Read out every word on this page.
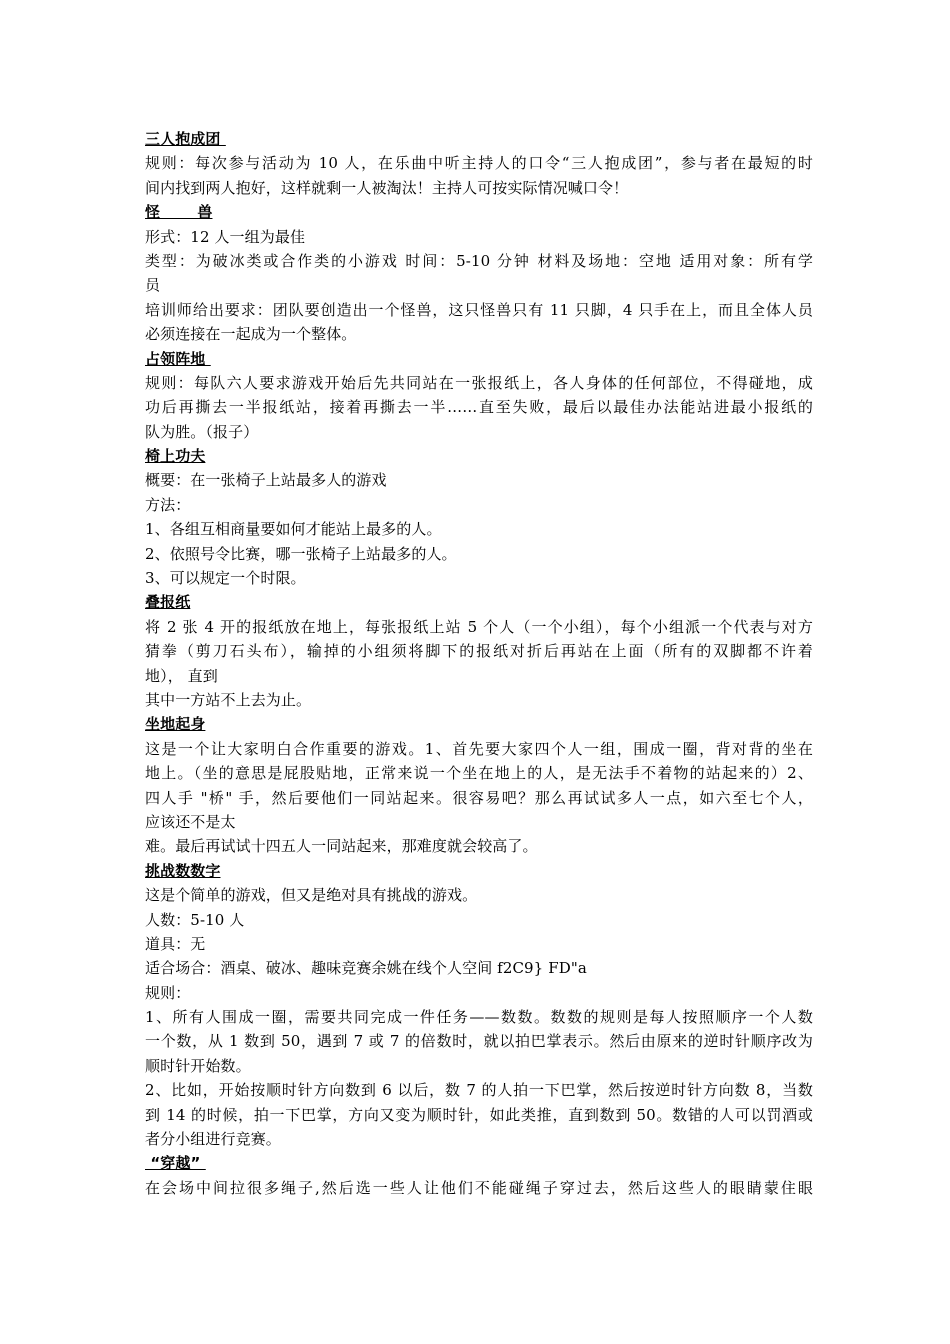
三人抱成团
规则：每次参与活动为 10 人，在乐曲中听主持人的口令“三人抱成团”，参与者在最短的时
间内找到两人抱好，这样就剩一人被淘汰！主持人可按实际情况喊口令！
怪       兽
形式：12 人一组为最佳
类型：为破冰类或合作类的小游戏 时间：5-10 分钟 材料及场地：空地 适用对象：所有学
员
培训师给出要求：团队要创造出一个怪兽，这只怪兽只有 11 只脚，4 只手在上，而且全体人员
必须连接在一起成为一个整体。
占领阵地
规则：每队六人要求游戏开始后先共同站在一张报纸上，各人身体的任何部位，不得碰地，成
功后再撕去一半报纸站，接着再撕去一半……直至失败，最后以最佳办法能站进最小报纸的
队为胜。（报子）
椅上功夫
概要：在一张椅子上站最多人的游戏
方法：
1、各组互相商量要如何才能站上最多的人。
2、依照号令比赛，哪一张椅子上站最多的人。
3、可以规定一个时限。
叠报纸
将 2 张 4 开的报纸放在地上，每张报纸上站 5 个人（一个小组），每个小组派一个代表与对方
猜拳（剪刀石头布），输掉的小组须将脚下的报纸对折后再站在上面（所有的双脚都不许着
地）， 直到
其中一方站不上去为止。
坐地起身
这是一个让大家明白合作重要的游戏。1、首先要大家四个人一组，围成一圈，背对背的坐在
地上。（坐的意思是屁股贴地，正常来说一个坐在地上的人，是无法手不着物的站起来的）2、
四人手 "桥" 手，然后要他们一同站起来。很容易吧？那么再试试多人一点，如六至七个人，
应该还不是太
难。最后再试试十四五人一同站起来，那难度就会较高了。
挑战数数字
这是个简单的游戏，但又是绝对具有挑战的游戏。
人数：5-10 人
道具：无
适合场合：酒桌、破冰、趣味竞赛余姚在线个人空间 f2C9} FD"a
规则：
1、所有人围成一圈，需要共同完成一件任务——数数。数数的规则是每人按照顺序一个人数
一个数，从 1 数到 50，遇到 7 或 7 的倍数时，就以拍巴掌表示。然后由原来的逆时针顺序改为
顺时针开始数。
2、比如，开始按顺时针方向数到 6 以后，数 7 的人拍一下巴掌，然后按逆时针方向数 8，当数
到 14 的时候，拍一下巴掌，方向又变为顺时针，如此类推，直到数到 50。数错的人可以罚酒或
者分小组进行竞赛。
“穿越”
在会场中间拉很多绳子,然后选一些人让他们不能碰绳子穿过去，然后这些人的眼睛蒙住眼
